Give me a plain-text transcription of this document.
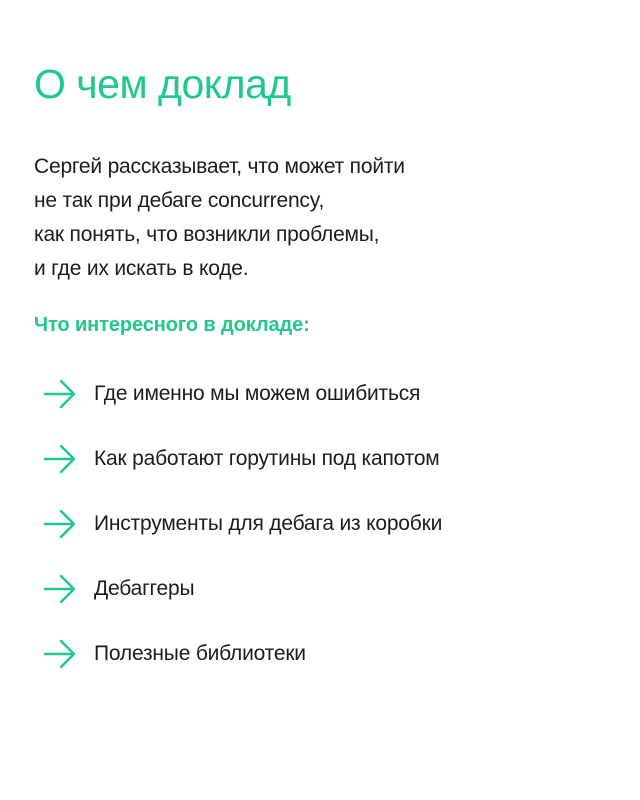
О чем доклад
Сергей рассказывает, что может пойти
не так при дебаге concurrency,
как понять, что возникли проблемы,
и где их искать в коде.
Что интересного в докладе:
Где именно мы можем ошибиться
Как работают горутины под капотом
Инструменты для дебага из коробки
Дебаггеры
Полезные библиотеки
